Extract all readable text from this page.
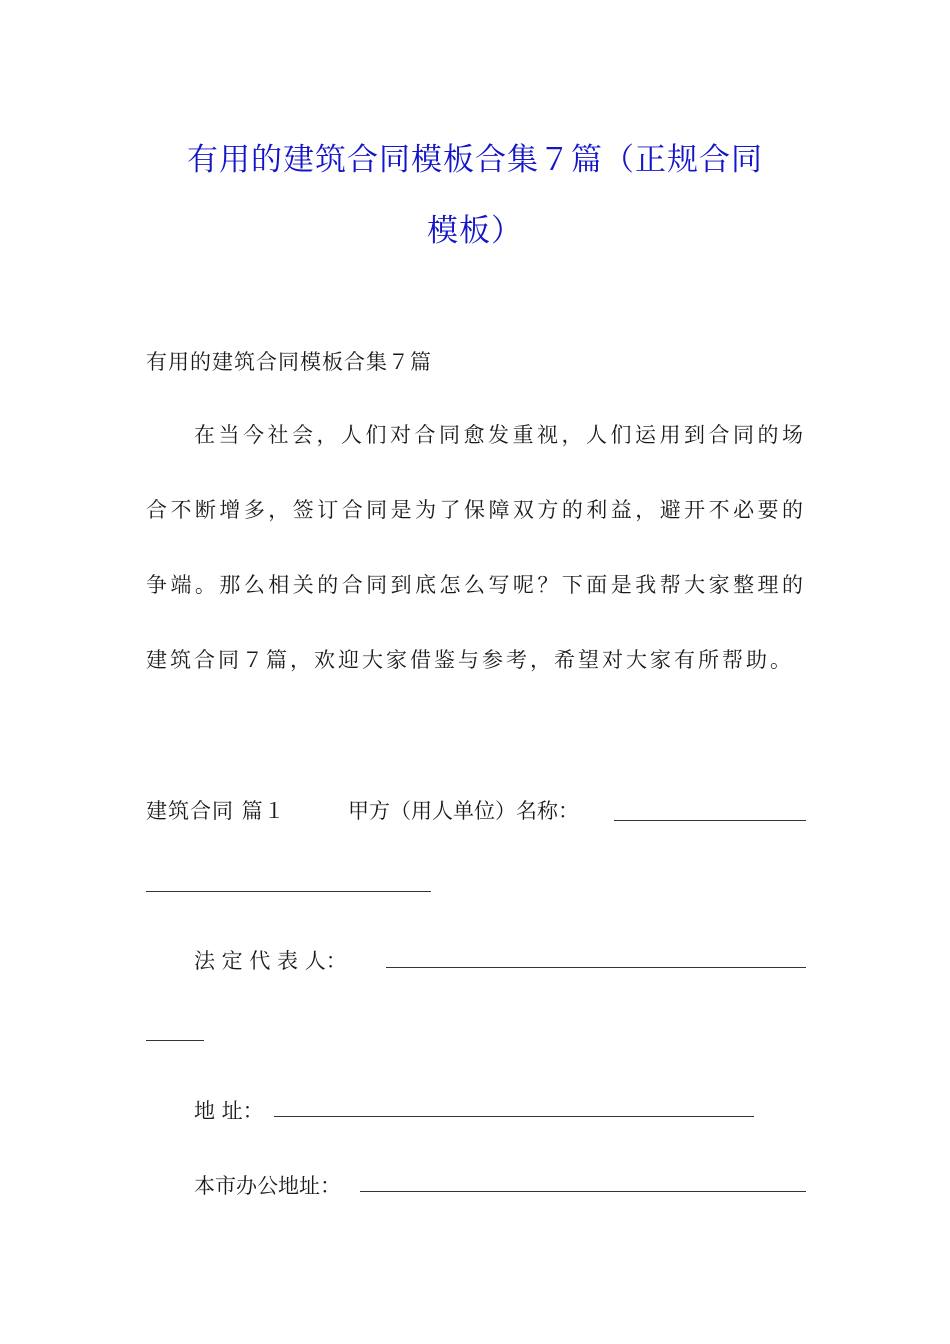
有用的建筑合同模板合集７篇（正规合同
模板）
有用的建筑合同模板合集７篇
在当今社会，人们对合同愈发重视，人们运用到合同的场合不断增多，签订合同是为了保障双方的利益，避开不必要的争端。那么相关的合同到底怎么写呢？下面是我帮大家整理的建筑合同７篇，欢迎大家借鉴与参考，希望对大家有所帮助。
建筑合同 篇１	甲方（用人单位）名称：
法 定 代 表 人：
地 址：
本市办公地址：
